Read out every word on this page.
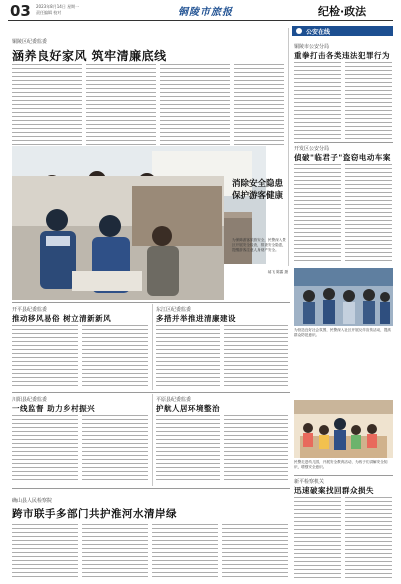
03 2023年8月14日 星期一
责任编辑 校对	铜陵市旅报	纪检·政法
铜陵区纪委监委
涵养良好家风 筑牢清廉底线
公安在线
铜陵市公安分局
重拳打击各类违法犯罪行为
开发区公安分局
偵破"临君子"盗窃电动车案
消除安全隐患
保护游客健康
为保障游客旅游安全，民警深入景区开展安全检查，排查安全隐患，提醒游客注意人身财产安全。
郝飞 陈露 摄
为营造良好社会氛围，民警深入社区开展反诈宣传活动，提高群众防范意识。
开平县纪委监委
推动移风易俗 树立清新新风
东江区纪委监委
多措并举推进清廉建设
川阳县纪委监委
一线监督 助力乡村振兴
平原县纪委监委
护航人居环境整治
民警走进幼儿园，开展安全教育活动，为孩子们讲解安全知识，增强安全意识。
新平检察机关
迅速破案找回群众损失
确山县人民检察院
跨市联手多部门共护淮河水清岸绿
